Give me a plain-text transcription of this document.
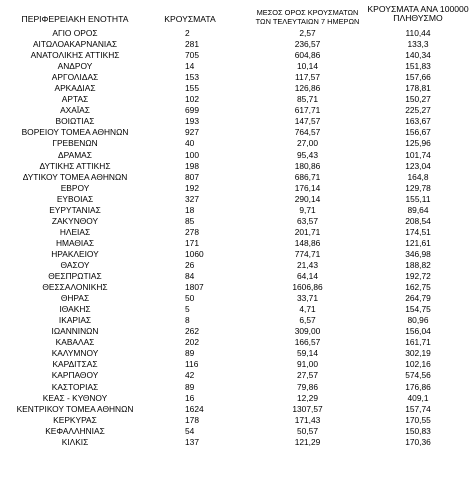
ΠΕΡΙΦΕΡΕΙΑΚΗ ΕΝΟΤΗΤΑ	ΚΡΟΥΣΜΑΤΑ
ΜΕΣΟΣ ΟΡΟΣ ΚΡΟΥΣΜΑΤΩΝ
ΤΩΝ ΤΕΛΕΥΤΑΙΩΝ 7 ΗΜΕΡΩΝ
ΚΡΟΥΣΜΑΤΑ ΑΝΑ 100000
ΠΛΗΘΥΣΜΟ
ΑΓΙΟ ΟΡΟΣ	2	2,57	110,44
ΑΙΤΩΛΟΑΚΑΡΝΑΝΙΑΣ	281	236,57	133,3
ΑΝΑΤΟΛΙΚΗΣ ΑΤΤΙΚΗΣ	705	604,86	140,34
ΑΝΔΡΟΥ	14	10,14	151,83
ΑΡΓΟΛΙΔΑΣ	153	117,57	157,66
ΑΡΚΑΔΙΑΣ	155	126,86	178,81
ΑΡΤΑΣ	102	85,71	150,27
ΑΧΑΪΑΣ	699	617,71	225,27
ΒΟΙΩΤΙΑΣ	193	147,57	163,67
ΒΟΡΕΙΟΥ ΤΟΜΕΑ ΑΘΗΝΩΝ	927	764,57	156,67
ΓΡΕΒΕΝΩΝ	40	27,00	125,96
ΔΡΑΜΑΣ	100	95,43	101,74
ΔΥΤΙΚΗΣ ΑΤΤΙΚΗΣ	198	180,86	123,04
ΔΥΤΙΚΟΥ ΤΟΜΕΑ ΑΘΗΝΩΝ	807	686,71	164,8
ΕΒΡΟΥ	192	176,14	129,78
ΕΥΒΟΙΑΣ	327	290,14	155,11
ΕΥΡΥΤΑΝΙΑΣ	18	9,71	89,64
ΖΑΚΥΝΘΟΥ	85	63,57	208,54
ΗΛΕΙΑΣ	278	201,71	174,51
ΗΜΑΘΙΑΣ	171	148,86	121,61
ΗΡΑΚΛΕΙΟΥ	1060	774,71	346,98
ΘΑΣΟΥ	26	21,43	188,82
ΘΕΣΠΡΩΤΙΑΣ	84	64,14	192,72
ΘΕΣΣΑΛΟΝΙΚΗΣ	1807	1606,86	162,75
ΘΗΡΑΣ	50	33,71	264,79
ΙΘΑΚΗΣ	5	4,71	154,75
ΙΚΑΡΙΑΣ	8	6,57	80,96
ΙΩΑΝΝΙΝΩΝ	262	309,00	156,04
ΚΑΒΑΛΑΣ	202	166,57	161,71
ΚΑΛΥΜΝΟΥ	89	59,14	302,19
ΚΑΡΔΙΤΣΑΣ	116	91,00	102,16
ΚΑΡΠΑΘΟΥ	42	27,57	574,56
ΚΑΣΤΟΡΙΑΣ	89	79,86	176,86
ΚΕΑΣ - ΚΥΘΝΟΥ	16	12,29	409,1
ΚΕΝΤΡΙΚΟΥ ΤΟΜΕΑ ΑΘΗΝΩΝ	1624	1307,57	157,74
ΚΕΡΚΥΡΑΣ	178	171,43	170,55
ΚΕΦΑΛΛΗΝΙΑΣ	54	50,57	150,83
ΚΙΛΚΙΣ	137	121,29	170,36
